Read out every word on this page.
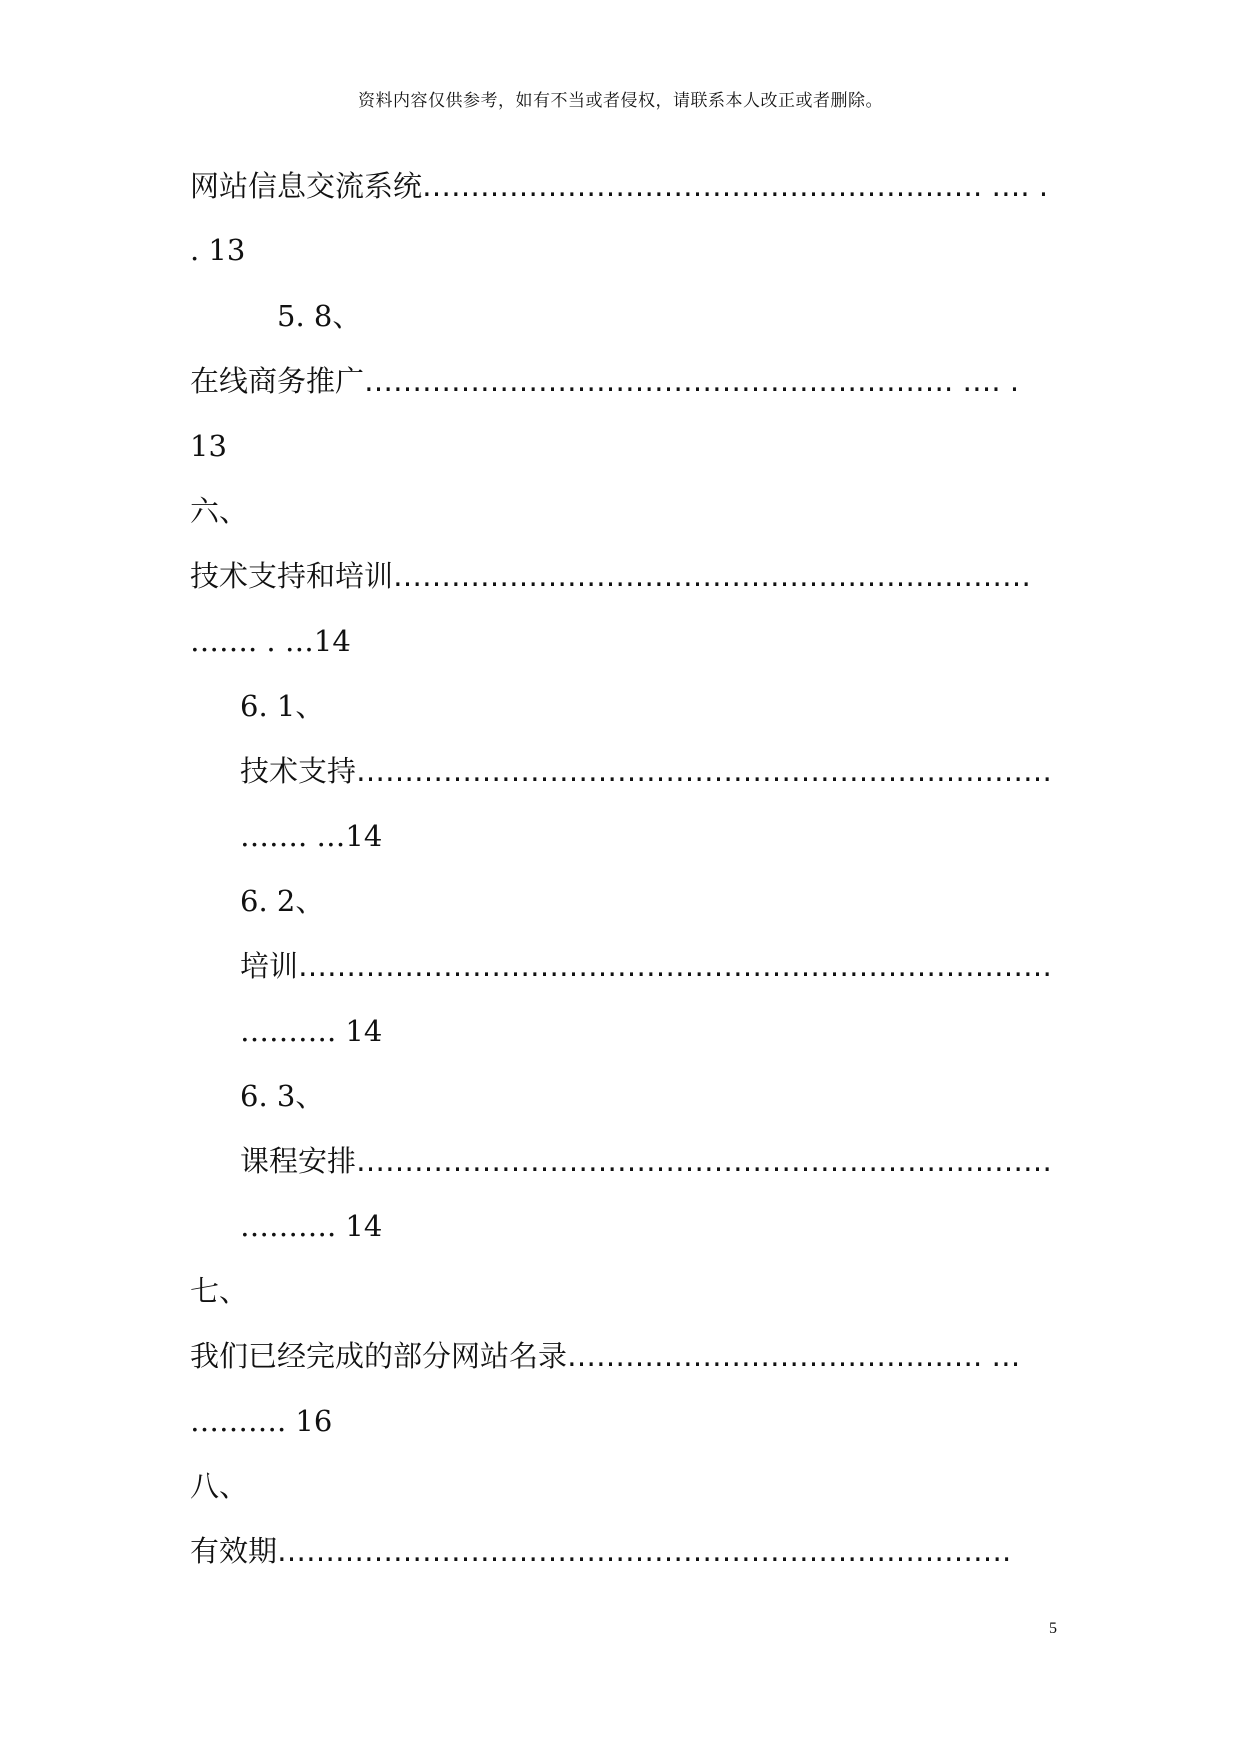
资料内容仅供参考，如有不当或者侵权，请联系本人改正或者删除。
网站信息交流系统…………………………………………………. …. .
. 13
5. 8、
在线商务推广……………………………………………………. …. .
13
六、
技术支持和培训…………………………………………………………
……. . …14
6. 1、
技术支持………………………………………………………………
……. …14
6. 2、
培训……………………………………………………………………
………. 14
6. 3、
课程安排………………………………………………………………
………. 14
七、
我们已经完成的部分网站名录……………………………………. …
………. 16
八、
有效期………………………………………………………………….
5
